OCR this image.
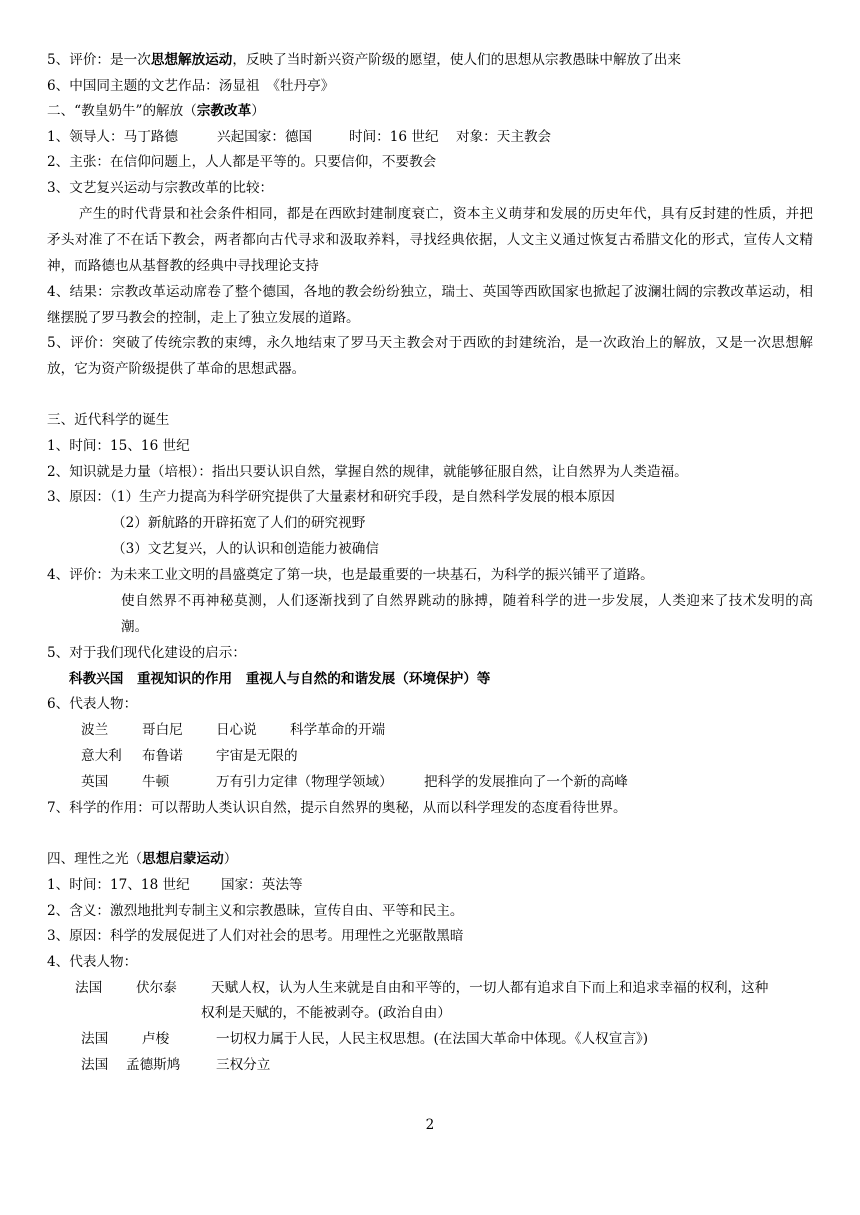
5、评价：是一次思想解放运动，反映了当时新兴资产阶级的愿望，使人们的思想从宗教愚昧中解放了出来
6、中国同主题的文艺作品：汤显祖　《牡丹亭》
二、“教皇奶牛”的解放（宗教改革）
1、领导人：马丁路德	兴起国家：德国	时间：16 世纪 对象：天主教会
2、主张：在信仰问题上，人人都是平等的。只要信仰，不要教会
3、文艺复兴运动与宗教改革的比较：
产生的时代背景和社会条件相同，都是在西欧封建制度衰亡，资本主义萌芽和发展的历史年代，具有反封建的性质，并把矛头对准了不在话下教会，两者都向古代寻求和汲取养料，寻找经典依据，人文主义通过恢复古希腊文化的形式，宣传人文精神，而路德也从基督教的经典中寻找理论支持
4、结果：宗教改革运动席卷了整个德国，各地的教会纷纷独立，瑞士、英国等西欧国家也掀起了波澜壮阔的宗教改革运动，相继摆脱了罗马教会的控制，走上了独立发展的道路。
5、评价：突破了传统宗教的束缚，永久地结束了罗马天主教会对于西欧的封建统治，是一次政治上的解放，又是一次思想解放，它为资产阶级提供了革命的思想武器。
三、近代科学的诞生
1、时间：15、16 世纪
2、知识就是力量（培根）：指出只要认识自然，掌握自然的规律，就能够征服自然，让自然界为人类造福。
3、原因：（1）生产力提高为科学研究提供了大量素材和研究手段，是自然科学发展的根本原因
（2）新航路的开辟拓宽了人们的研究视野
（3）文艺复兴，人的认识和创造能力被确信
4、评价：为未来工业文明的昌盛奠定了第一块，也是最重要的一块基石，为科学的振兴铺平了道路。
使自然界不再神秘莫测，人们逐渐找到了自然界跳动的脉搏，随着科学的进一步发展，人类迎来了技术发明的高潮。
5、对于我们现代化建设的启示：
科教兴国　重视知识的作用　重视人与自然的和谐发展（环境保护）等
6、代表人物：
波兰 哥白尼 日心说 科学革命的开端
意大利 布鲁诺 宇宙是无限的
英国 牛顿	万有引力定律（物理学领域） 把科学的发展推向了一个新的高峰
7、科学的作用：可以帮助人类认识自然，提示自然界的奥秘，从而以科学理发的态度看待世界。
四、理性之光（思想启蒙运动）
1、时间：17、18 世纪 国家：英法等
2、含义：激烈地批判专制主义和宗教愚昧，宣传自由、平等和民主。
3、原因：科学的发展促进了人们对社会的思考。用理性之光驱散黑暗
4、代表人物：
法国 伏尔泰	天赋人权，认为人生来就是自由和平等的，一切人都有追求自下而上和追求幸福的权利，这种
权利是天赋的，不能被剥夺。(政治自由）
法国 卢梭	一切权力属于人民，人民主权思想。(在法国大革命中体现。《人权宣言》)
法国 孟德斯鸠	三权分立
2
